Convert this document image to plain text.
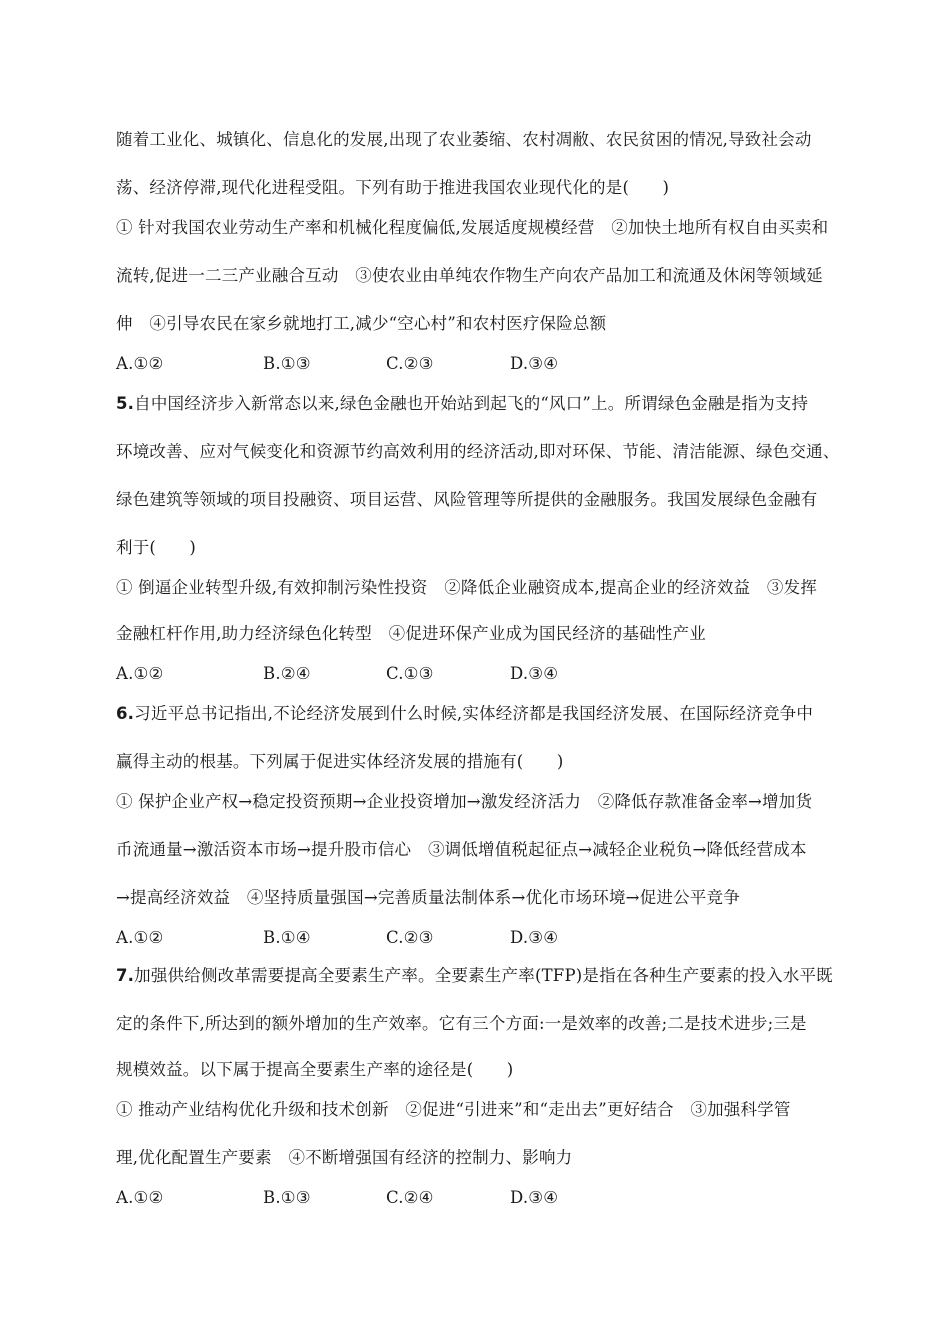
随着工业化、城镇化、信息化的发展,出现了农业萎缩、农村凋敝、农民贫困的情况,导致社会动
荡、经济停滞,现代化进程受阻。下列有助于推进我国农业现代化的是(　　)
① 针对我国农业劳动生产率和机械化程度偏低,发展适度规模经营　②加快土地所有权自由买卖和
流转,促进一二三产业融合互动　③使农业由单纯农作物生产向农产品加工和流通及休闲等领域延
伸　④引导农民在家乡就地打工,减少“空心村”和农村医疗保险总额
A.①②	B.①③	C.②③	D.③④
5.自中国经济步入新常态以来,绿色金融也开始站到起飞的“风口”上。所谓绿色金融是指为支持
环境改善、应对气候变化和资源节约高效利用的经济活动,即对环保、节能、清洁能源、绿色交通、
绿色建筑等领域的项目投融资、项目运营、风险管理等所提供的金融服务。我国发展绿色金融有
利于(　　)
① 倒逼企业转型升级,有效抑制污染性投资　②降低企业融资成本,提高企业的经济效益　③发挥
金融杠杆作用,助力经济绿色化转型　④促进环保产业成为国民经济的基础性产业
A.①②	B.②④	C.①③	D.③④
6.习近平总书记指出,不论经济发展到什么时候,实体经济都是我国经济发展、在国际经济竞争中
赢得主动的根基。下列属于促进实体经济发展的措施有(　　)
① 保护企业产权→稳定投资预期→企业投资增加→激发经济活力　②降低存款准备金率→增加货
币流通量→激活资本市场→提升股市信心　③调低增值税起征点→减轻企业税负→降低经营成本
→提高经济效益　④坚持质量强国→完善质量法制体系→优化市场环境→促进公平竞争
A.①②	B.①④	C.②③	D.③④
7.加强供给侧改革需要提高全要素生产率。全要素生产率(TFP)是指在各种生产要素的投入水平既
定的条件下,所达到的额外增加的生产效率。它有三个方面:一是效率的改善;二是技术进步;三是
规模效益。以下属于提高全要素生产率的途径是(　　)
① 推动产业结构优化升级和技术创新　②促进“引进来”和“走出去”更好结合　③加强科学管
理,优化配置生产要素　④不断增强国有经济的控制力、影响力
A.①②	B.①③	C.②④	D.③④
